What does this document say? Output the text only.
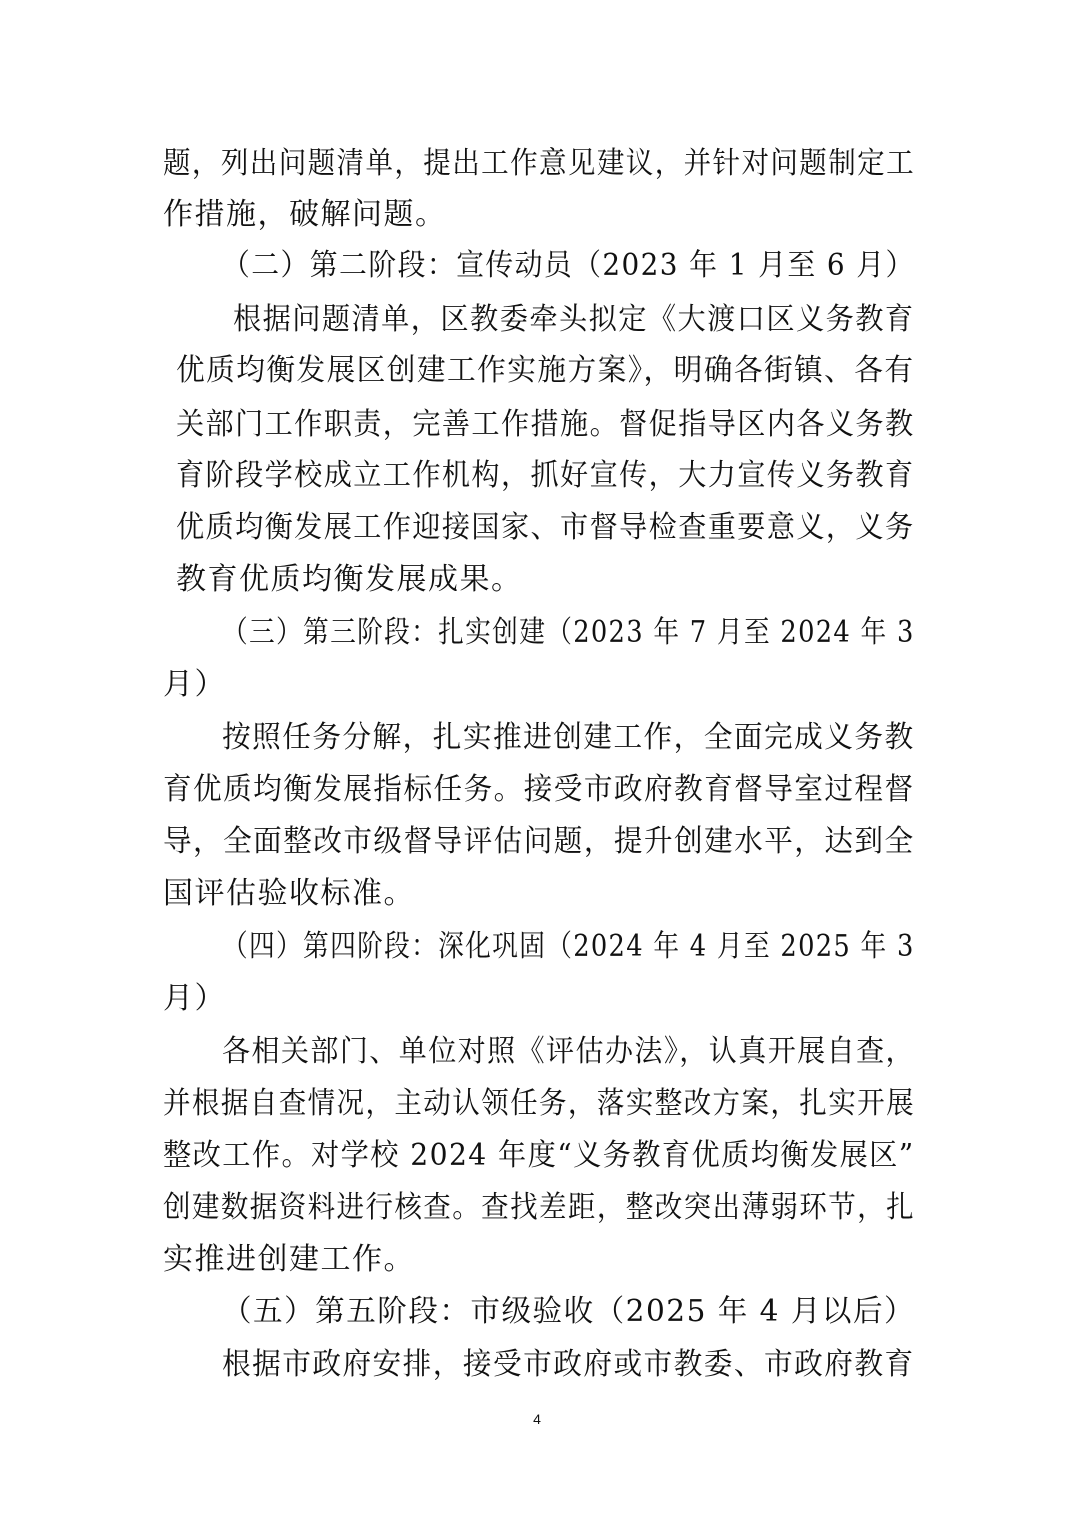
题，列出问题清单，提出工作意见建议，并针对问题制定工
作措施，破解问题。
（二）第二阶段：宣传动员（2023 年 1 月至 6 月）
根据问题清单，区教委牵头拟定《大渡口区义务教育
优质均衡发展区创建工作实施方案》，明确各街镇、各有
关部门工作职责，完善工作措施。督促指导区内各义务教
育阶段学校成立工作机构，抓好宣传，大力宣传义务教育
优质均衡发展工作迎接国家、市督导检查重要意义，义务
教育优质均衡发展成果。
（三）第三阶段：扎实创建（2023 年 7 月至 2024 年 3
月）
按照任务分解，扎实推进创建工作，全面完成义务教
育优质均衡发展指标任务。接受市政府教育督导室过程督
导，全面整改市级督导评估问题，提升创建水平，达到全
国评估验收标准。
（四）第四阶段：深化巩固（2024 年 4 月至 2025 年 3
月）
各相关部门、单位对照《评估办法》，认真开展自查，
并根据自查情况，主动认领任务，落实整改方案，扎实开展
整改工作。对学校 2024 年度“义务教育优质均衡发展区”
创建数据资料进行核查。查找差距，整改突出薄弱环节，扎
实推进创建工作。
（五）第五阶段：市级验收（2025 年 4 月以后）
根据市政府安排，接受市政府或市教委、市政府教育
4
